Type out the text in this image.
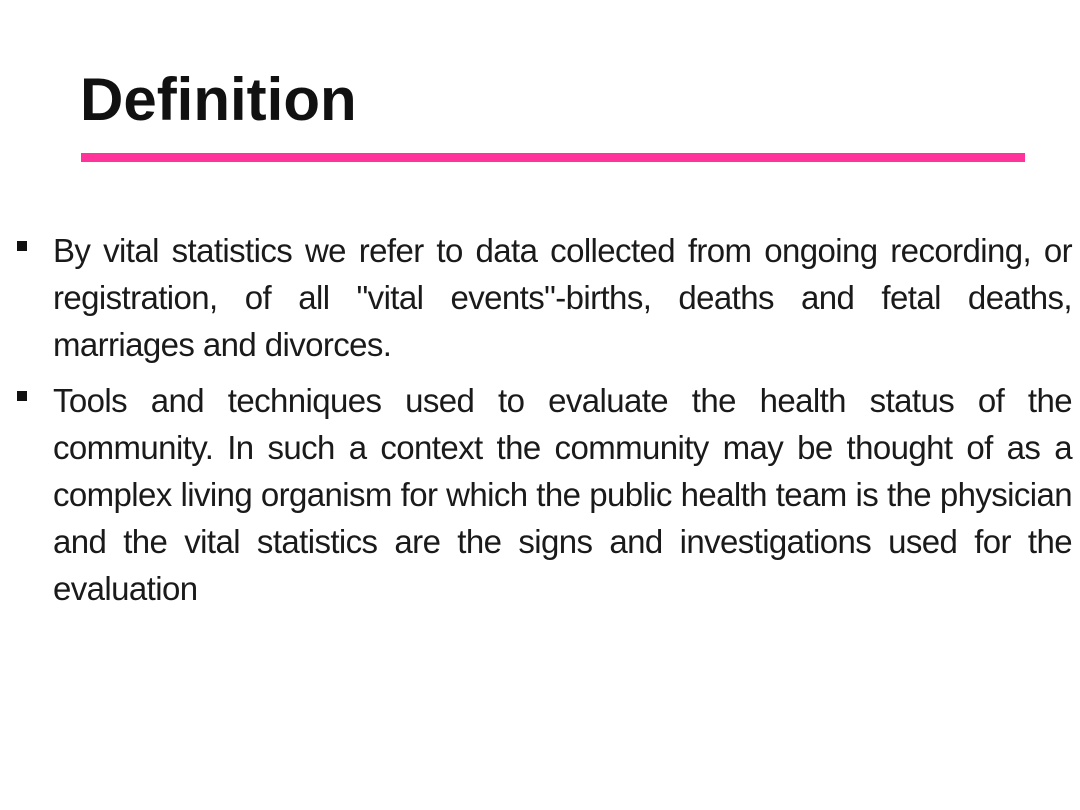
Definition
By vital statistics we refer to data collected from ongoing recording, or registration, of all "vital events"-births, deaths and fetal deaths, marriages and divorces.
Tools and techniques used to evaluate the health status of the community. In such a context the community may be thought of as a complex living organism for which the public health team is the physician and the vital statistics are the signs and investigations used for the evaluation
